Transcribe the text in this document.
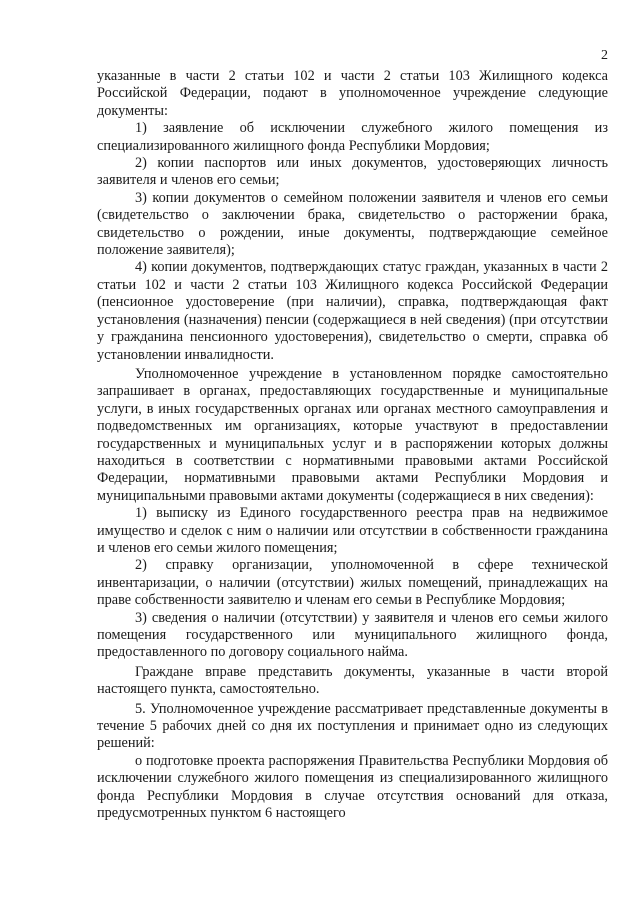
2

указанные в части 2 статьи 102 и части 2 статьи 103 Жилищного кодекса Российской Федерации, подают в уполномоченное учреждение следующие документы:

1) заявление об исключении служебного жилого помещения из специализированного жилищного фонда Республики Мордовия;

2) копии паспортов или иных документов, удостоверяющих личность заявителя и членов его семьи;

3) копии документов о семейном положении заявителя и членов его семьи (свидетельство о заключении брака, свидетельство о расторжении брака, свидетельство о рождении, иные документы, подтверждающие семейное положение заявителя);

4) копии документов, подтверждающих статус граждан, указанных в части 2 статьи 102 и части 2 статьи 103 Жилищного кодекса Российской Федерации (пенсионное удостоверение (при наличии), справка, подтверждающая факт установления (назначения) пенсии (содержащиеся в ней сведения) (при отсутствии у гражданина пенсионного удостоверения), свидетельство о смерти, справка об установлении инвалидности.

Уполномоченное учреждение в установленном порядке самостоятельно запрашивает в органах, предоставляющих государственные и муниципальные услуги, в иных государственных органах или органах местного самоуправления и подведомственных им организациях, которые участвуют в предоставлении государственных и муниципальных услуг и в распоряжении которых должны находиться в соответствии с нормативными правовыми актами Российской Федерации, нормативными правовыми актами Республики Мордовия и муниципальными правовыми актами документы (содержащиеся в них сведения):

1) выписку из Единого государственного реестра прав на недвижимое имущество и сделок с ним о наличии или отсутствии в собственности гражданина и членов его семьи жилого помещения;

2) справку организации, уполномоченной в сфере технической инвентаризации, о наличии (отсутствии) жилых помещений, принадлежащих на праве собственности заявителю и членам его семьи в Республике Мордовия;

3) сведения о наличии (отсутствии) у заявителя и членов его семьи жилого помещения государственного или муниципального жилищного фонда, предоставленного по договору социального найма.

Граждане вправе представить документы, указанные в части второй настоящего пункта, самостоятельно.

5. Уполномоченное учреждение рассматривает представленные документы в течение 5 рабочих дней со дня их поступления и принимает одно из следующих решений:

о подготовке проекта распоряжения Правительства Республики Мордовия об исключении служебного жилого помещения из специализированного жилищного фонда Республики Мордовия в случае отсутствия оснований для отказа, предусмотренных пунктом 6 настоящего
